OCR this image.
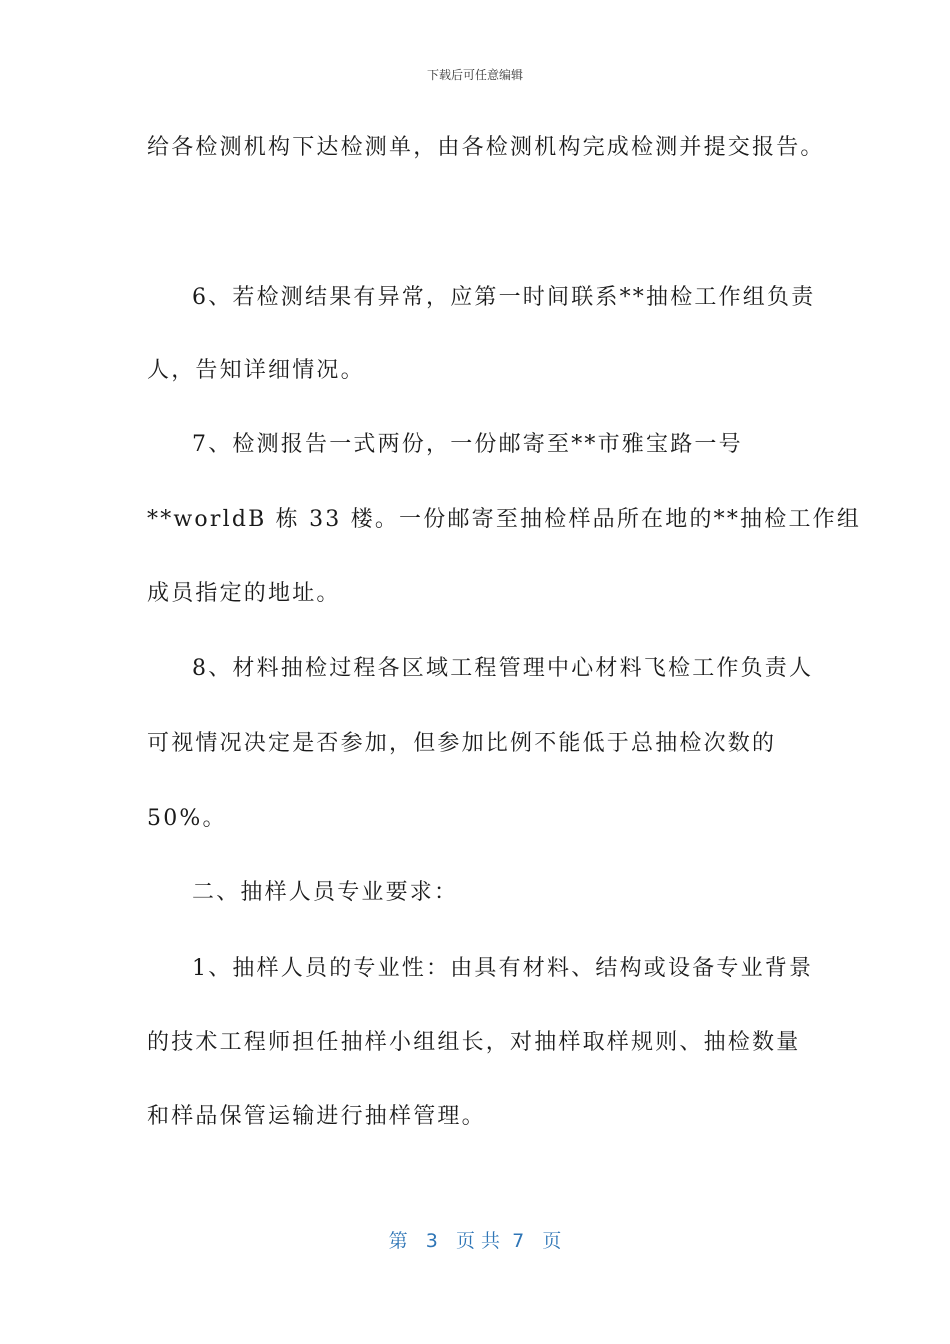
下载后可任意编辑
给各检测机构下达检测单，由各检测机构完成检测并提交报告。
6、若检测结果有异常，应第一时间联系**抽检工作组负责
人，告知详细情况。
7、检测报告一式两份，一份邮寄至**市雅宝路一号
**worldB 栋 33 楼。一份邮寄至抽检样品所在地的**抽检工作组
成员指定的地址。
8、材料抽检过程各区域工程管理中心材料飞检工作负责人
可视情况决定是否参加，但参加比例不能低于总抽检次数的
50%。
二、抽样人员专业要求：
1、抽样人员的专业性：由具有材料、结构或设备专业背景
的技术工程师担任抽样小组组长，对抽样取样规则、抽检数量
和样品保管运输进行抽样管理。
第 3 页 共 7 页
